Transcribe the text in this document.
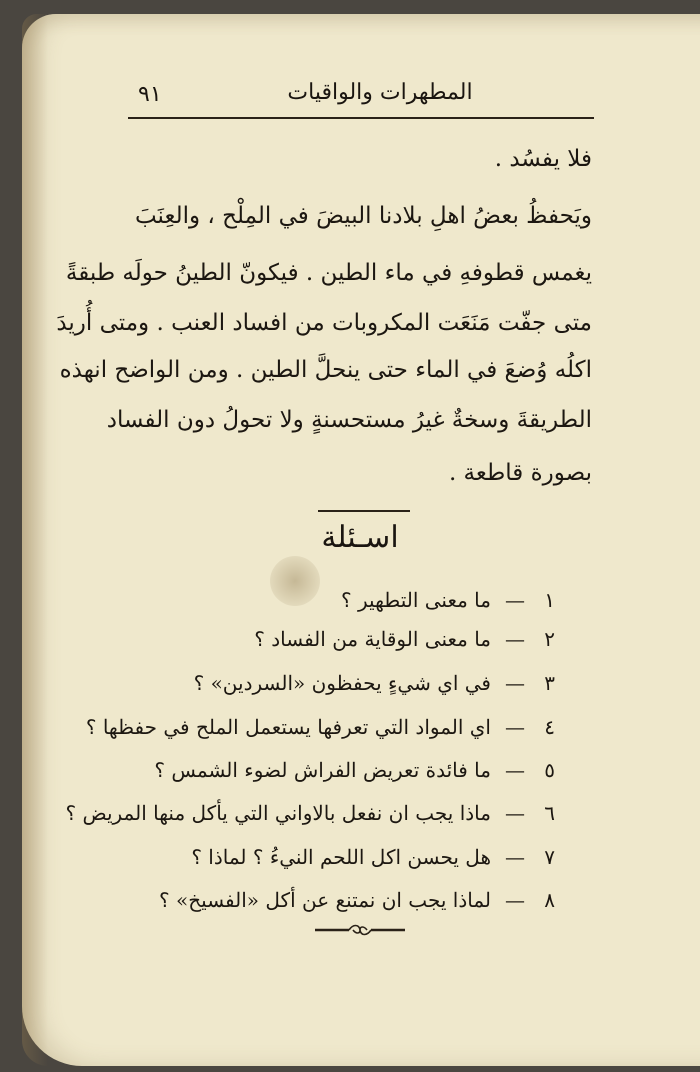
٩١	المطهرات والواقيات
فلا يفسُد .
ويَحفظُ بعضُ اهلِ بلادنا البيضَ في المِلْح ، والعِنَبَ
يغمس قطوفهِ في ماء الطين . فيكونّ الطينُ حولَه طبقةً
متى جفّت مَنَعَت المكروبات من افساد العنب . ومتى أُريدَ
اكلُه وُضعَ في الماء حتى ينحلَّ الطين . ومن الواضح انهذه
الطريقةَ وسخةٌ غيرُ مستحسنةٍ ولا تحولُ دون الفساد
بصورة قاطعة .
اسـئلة
١—ما معنى التطهير ؟
٢—ما معنى الوقاية من الفساد ؟
٣—في اي شيءٍ يحفظون «السردين» ؟
٤—اي المواد التي تعرفها يستعمل الملح في حفظها ؟
٥—ما فائدة تعريض الفراش لضوء الشمس ؟
٦—ماذا يجب ان نفعل بالاواني التي يأكل منها المريض ؟
٧—هل يحسن اكل اللحم النيءُ ؟ لماذا ؟
٨—لماذا يجب ان نمتنع عن أكل «الفسيخ» ؟
